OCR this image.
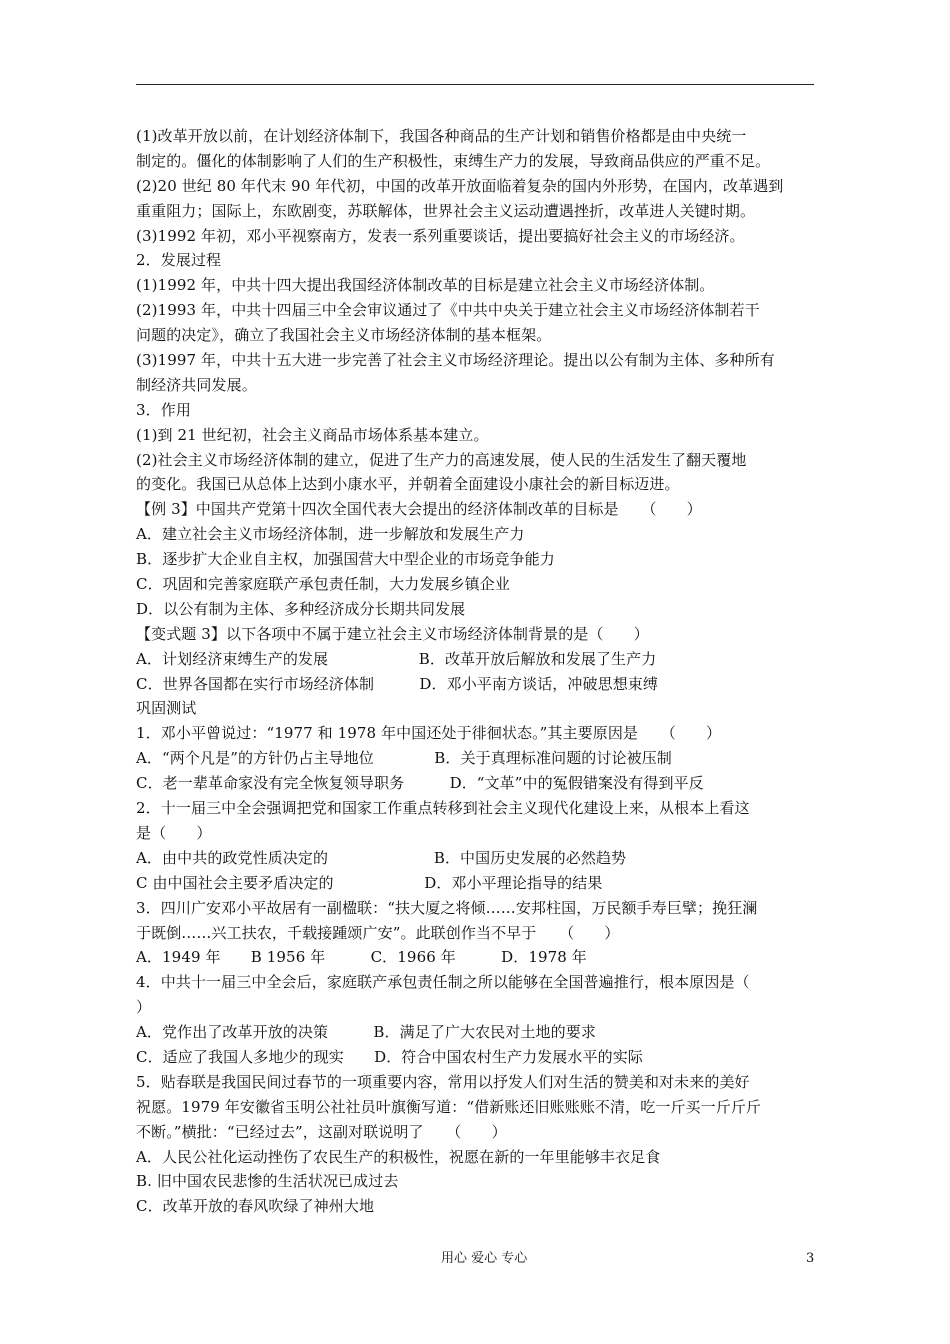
(1)改革开放以前，在计划经济体制下，我国各种商品的生产计划和销售价格都是由中央统一
制定的。僵化的体制影响了人们的生产积极性，束缚生产力的发展，导致商品供应的严重不足。
(2)20 世纪 80 年代末 90 年代初，中国的改革开放面临着复杂的国内外形势，在国内，改革遇到
重重阻力；国际上，东欧剧变，苏联解体，世界社会主义运动遭遇挫折，改革进人关键时期。
(3)1992 年初，邓小平视察南方，发表一系列重要谈话，提出要搞好社会主义的市场经济。
2．发展过程
(1)1992 年，中共十四大提出我国经济体制改革的目标是建立社会主义市场经济体制。
(2)1993 年，中共十四届三中全会审议通过了《中共中央关于建立社会主义市场经济体制若干
问题的决定》，确立了我国社会主义市场经济体制的基本框架。
(3)1997 年，中共十五大进一步完善了社会主义市场经济理论。提出以公有制为主体、多种所有
制经济共同发展。
3．作用
(1)到 21 世纪初，社会主义商品市场体系基本建立。
(2)社会主义市场经济体制的建立，促进了生产力的高速发展，使人民的生活发生了翻天覆地
的变化。我国已从总体上达到小康水平，并朝着全面建设小康社会的新目标迈进。
【例 3】中国共产党第十四次全国代表大会提出的经济体制改革的目标是　　（　　）
A．建立社会主义市场经济体制，进一步解放和发展生产力
B．逐步扩大企业自主权，加强国营大中型企业的市场竞争能力
C．巩固和完善家庭联产承包责任制，大力发展乡镇企业
D．以公有制为主体、多种经济成分长期共同发展
【变式题 3】以下各项中不属于建立社会主义市场经济体制背景的是（　　）
A．计划经济束缚生产的发展　　　　　　B．改革开放后解放和发展了生产力
C．世界各国都在实行市场经济体制　　　D．邓小平南方谈话，冲破思想束缚
巩固测试
1．邓小平曾说过：“1977 和 1978 年中国还处于徘徊状态。”其主要原因是　　（　　）
A．“两个凡是”的方针仍占主导地位　　　　B．关于真理标准问题的讨论被压制
C．老一辈革命家没有完全恢复领导职务　　　D．“文革”中的冤假错案没有得到平反
2．十一届三中全会强调把党和国家工作重点转移到社会主义现代化建设上来，从根本上看这
是（　　）
A．由中共的政党性质决定的　　　　　　　B．中国历史发展的必然趋势
C 由中国社会主要矛盾决定的　　　　　　D．邓小平理论指导的结果
3．四川广安邓小平故居有一副楹联：“扶大厦之将倾……安邦柱国，万民额手寿巨擘；挽狂澜
于既倒……兴工扶农，千载接踵颂广安”。此联创作当不早于　　（　　）
A．1949 年　　B 1956 年　　　C．1966 年　　　D．1978 年
4．中共十一届三中全会后，家庭联产承包责任制之所以能够在全国普遍推行，根本原因是（
）
A．党作出了改革开放的决策　　　B．满足了广大农民对土地的要求
C．适应了我国人多地少的现实　　D．符合中国农村生产力发展水平的实际
5．贴春联是我国民间过春节的一项重要内容，常用以抒发人们对生活的赞美和对未来的美好
祝愿。1979 年安徽省玉明公社社员叶旗衡写道：“借新账还旧账账账不清，吃一斤买一斤斤斤
不断。”横批：“已经过去”，这副对联说明了　　（　　）
A．人民公社化运动挫伤了农民生产的积极性，祝愿在新的一年里能够丰衣足食
B. 旧中国农民悲惨的生活状况已成过去
C．改革开放的春风吹绿了神州大地
用心 爱心 专心	3
